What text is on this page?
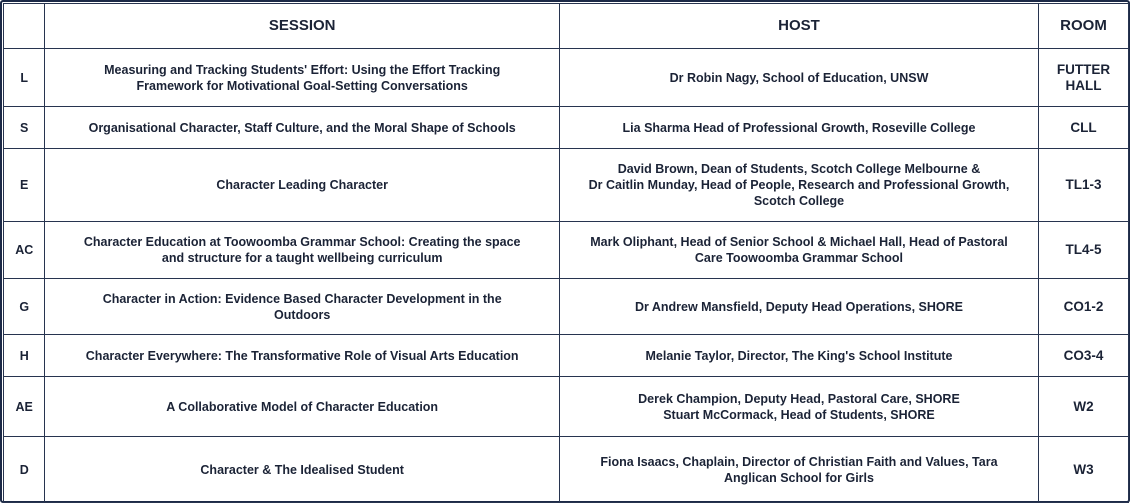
	SESSION	HOST	ROOM
L	Measuring and Tracking Students' Effort: Using the Effort Tracking
Framework for Motivational Goal-Setting Conversations	Dr Robin Nagy, School of Education, UNSW	FUTTER HALL
S	Organisational Character, Staff Culture, and the Moral Shape of Schools	Lia Sharma Head of Professional Growth, Roseville College	CLL
E	Character Leading Character	David Brown, Dean of Students, Scotch College Melbourne &
Dr Caitlin Munday, Head of People, Research and Professional Growth,
Scotch College	TL1-3
AC	Character Education at Toowoomba Grammar School: Creating the space
and structure for a taught wellbeing curriculum	Mark Oliphant, Head of Senior School & Michael Hall, Head of Pastoral
Care Toowoomba Grammar School	TL4-5
G	Character in Action: Evidence Based Character Development in the
Outdoors	Dr Andrew Mansfield, Deputy Head Operations, SHORE	CO1-2
H	Character Everywhere: The Transformative Role of Visual Arts Education	Melanie Taylor, Director, The King's School Institute	CO3-4
AE	A Collaborative Model of Character Education	Derek Champion, Deputy Head, Pastoral Care, SHORE
Stuart McCormack, Head of Students, SHORE	W2
D	Character & The Idealised Student	Fiona Isaacs, Chaplain, Director of Christian Faith and Values, Tara
Anglican School for Girls	W3
